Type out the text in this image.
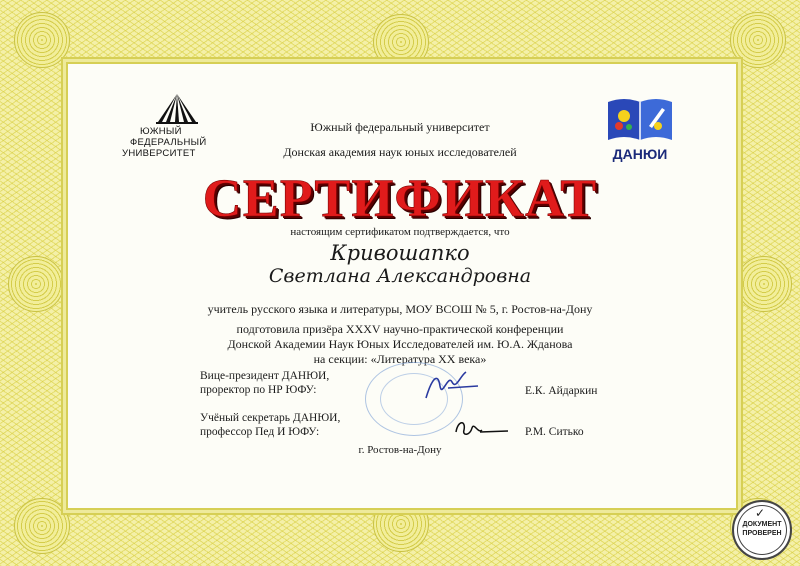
ЮЖНЫЙ
ФЕДЕРАЛЬНЫЙ
УНИВЕРСИТЕТ	ДАНЮИ
Южный федеральный университет
Донская академия наук юных исследователей
СЕРТИФИКАТ
настоящим сертификатом подтверждается, что
Кривошапко
Светлана Александровна
учитель русского языка и литературы, МОУ ВСОШ № 5, г. Ростов-на-Дону
подготовила призёра XXXV научно-практической конференции
Донской Академии Наук Юных Исследователей им. Ю.А. Жданова
на секции: «Литература XX века»
Вице-президент ДАНЮИ,
проректор по НР ЮФУ:	Е.К. Айдаркин
Учёный секретарь ДАНЮИ,
профессор Пед И ЮФУ:	Р.М. Ситько
г. Ростов-на-Дону
✓
ДОКУМЕНТ
ПРОВЕРЕН
